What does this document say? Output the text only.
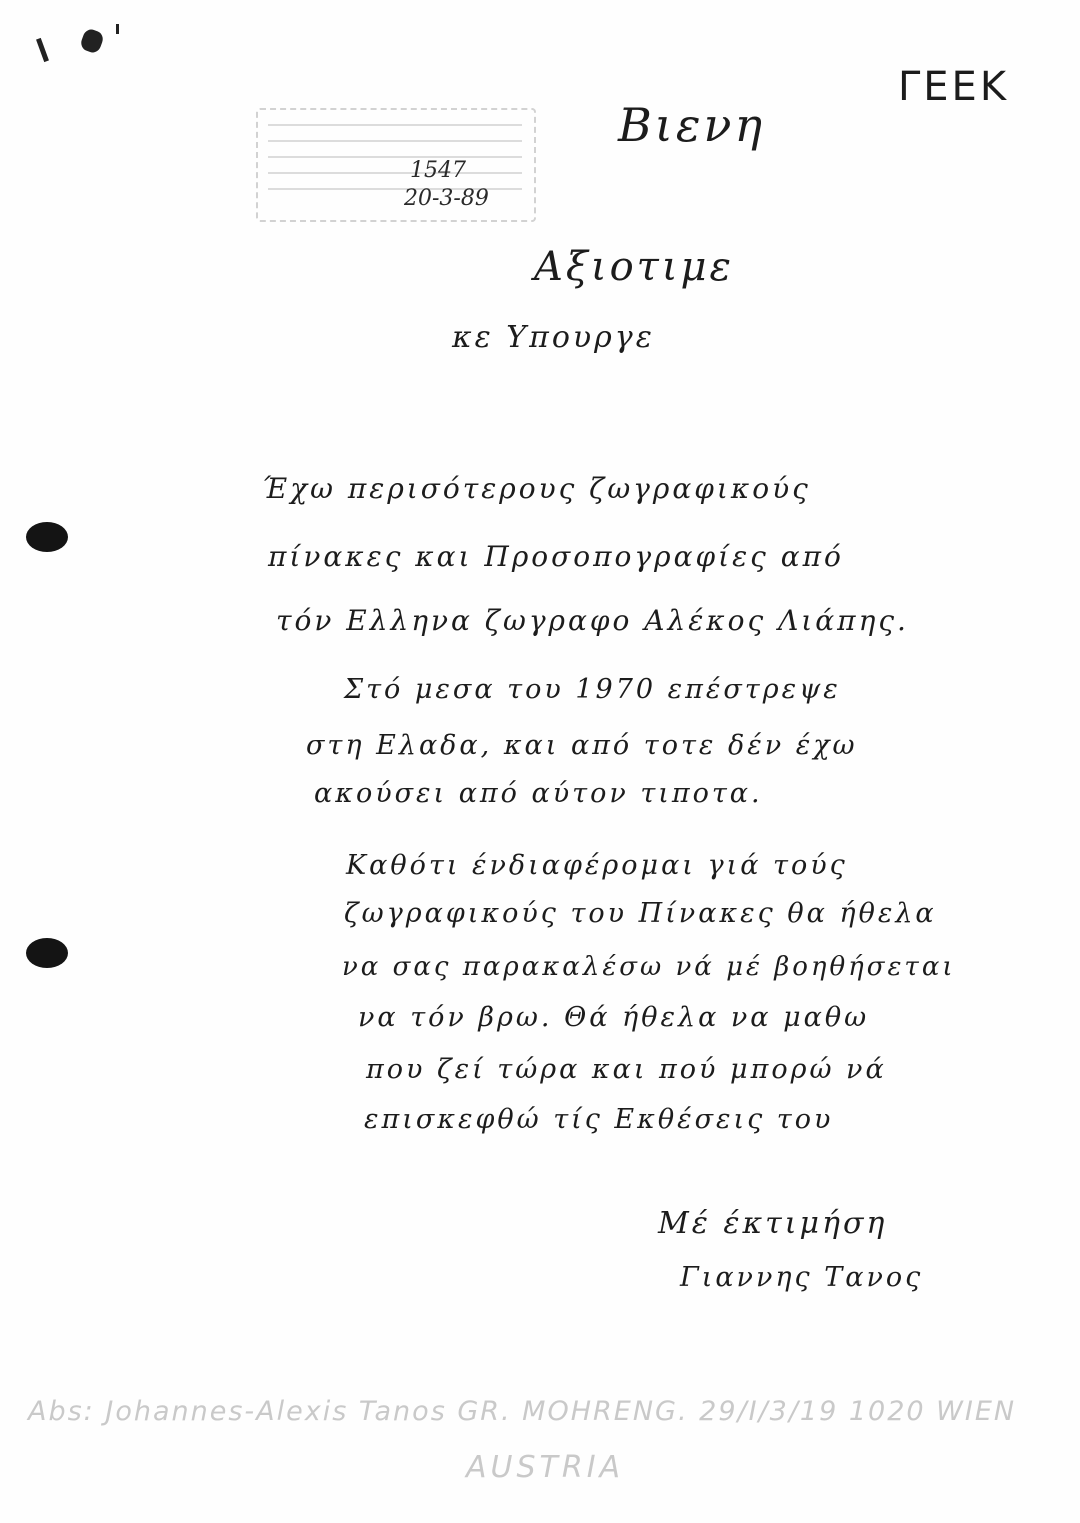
1547
20-3-89
Βιενη
ΓΕΕΚ
Αξιοτιμε
κε Υπουργε
Έχω περισότερους ζωγραφικούς
πίνακες και Προσοπογραφίες από
τόν Ελληνα ζωγραφο Αλέκος Λιάπης.
Στό μεσα του 1970 επέστρεψε
στη Ελαδα, και από τοτε δέν έχω
ακούσει από αύτον τιποτα.
Καθότι ένδιαφέρομαι γιά τούς
ζωγραφικούς του Πίνακες θα ήθελα
να σας παρακαλέσω νά μέ βοηθήσεται
να τόν βρω. Θά ήθελα να μαθω
που ζεί τώρα και πού μπορώ νά
επισκεφθώ τίς Εκθέσεις του
Μέ έκτιμήση
Γιαννης Τανος
Abs: Johannes-Alexis Tanos GR. MOHRENG. 29/I/3/19 1020 WIEN
AUSTRIA
